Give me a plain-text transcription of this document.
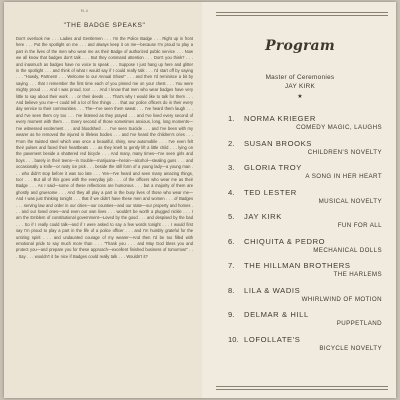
M-4
"THE BADGE SPEAKS"

Don't overlook me . . . Ladies and Gentlemen . . . I'm the Police Badge . . . Right up in front here . . . Put the spotlight on me . . . and always keep it on me—because I'm proud to play a part in the lives of the men who wear me as their Badge of authorized public service . . . Now we all know that badges don't talk . . . But they command attention . . . Don't you think? . . . and inasmuch as badges have no voice to speak . . . Suppose I just hang up here and glitter in the spotlight . . . and think of what I would say if I could really talk . . . I'd start off by saying . . . "Howdy, Partners! . . . Welcome to our Annual Show!" . . . and then I'd reminisce a bit by saying . . . that I remember the first time each of you pinned me on your chest . . . You were mighty proud . . . And I was proud, too! . . . And I know that men who wear badges have very little to say about their work . . . or their deeds . . . That's why I would like to talk for them . . . And believe you me—I could tell a lot of fine things . . . that our police officers do in their every day service to their communities . . . The—I've seen them sweat . . . I've heard them laugh . . . and I've seen them cry too . . . I've listened as they prayed . . . and I've lived every second of every moment with them . . . Every second of those sometimes anxious, long, long moments—I've witnessed excitement . . . and bloodshed . . . I've seen Suicide . . . and I've been with my wearer as he removed the injured in lifeless bodies . . . and I've heard the children's cries . . . From the twisted steel which was once a beautiful, shiny, new automobile . . . I've even felt their pulses and faced their heartbeats . . . as they knelt to gently lift a little child . . . lying on the pavement beside a shattered red bicycle . . . And many, many times—I've seen girls and boys . . . barely in their teens—in trouble—marijuana—heroin—alcohol—stealing guns . . . and occasionally a knife—or rusty ice pick . . . beside the still form of a young lady—a young man . . . who didn't stop before it was too late . . . Yes—I've heard and seen many amazing things, too! . . . But all of this goes with the everyday job . . . of the officers who wear me as their Badge . . . As I said—some of these reflections are humorous . . . but a majority of them are ghostly and gruesome . . . And they all play a part in the busy lives of those who wear me—And I was just thinking tonight . . . that if we didn't have these men and women . . . of Badges . . . serving law and order in our cities—our counties—and our state—our property and homes . . . and our loved ones—and even our own lives . . . wouldn't be worth a plugged nickle . . . I am the Emblem of constitutional government—Loved by the good . . . and despised by the bad . . . So if I really could talk—and if I were asked to say a few words tonight . . . I would first say I'm proud to play a part in the life of a police officer . . . and I'm humbly grateful for the untiring spirit . . . and undaunted courage of my wearer—And then I'd be too filled with emotional pride to say much more than . . . "Thank you . . . and May God bless you and protect you—and prepare you for these approach—excellent finished business of tomorrow!" . . . Say . . . wouldn't it be nice if Badges could really talk . . . Wouldn't it?

Program
Master of Ceremonies
JAY KIRK
★
1. NORMA KRIEGER
COMEDY MAGIC, LAUGHS
2. SUSAN BROOKS
CHILDREN'S NOVELTY
3. GLORIA TROY
A SONG IN HER HEART
4. TED LESTER
MUSICAL NOVELTY
5. JAY KIRK
FUN FOR ALL
6. CHIQUITA & PEDRO
MECHANICAL DOLLS
7. THE HILLMAN BROTHERS
THE HARLEMS
8. LILA & WADIS
WHIRLWIND OF MOTION
9. DELMAR & HILL
PUPPETLAND
10. LOFOLLATE'S
BICYCLE NOVELTY
